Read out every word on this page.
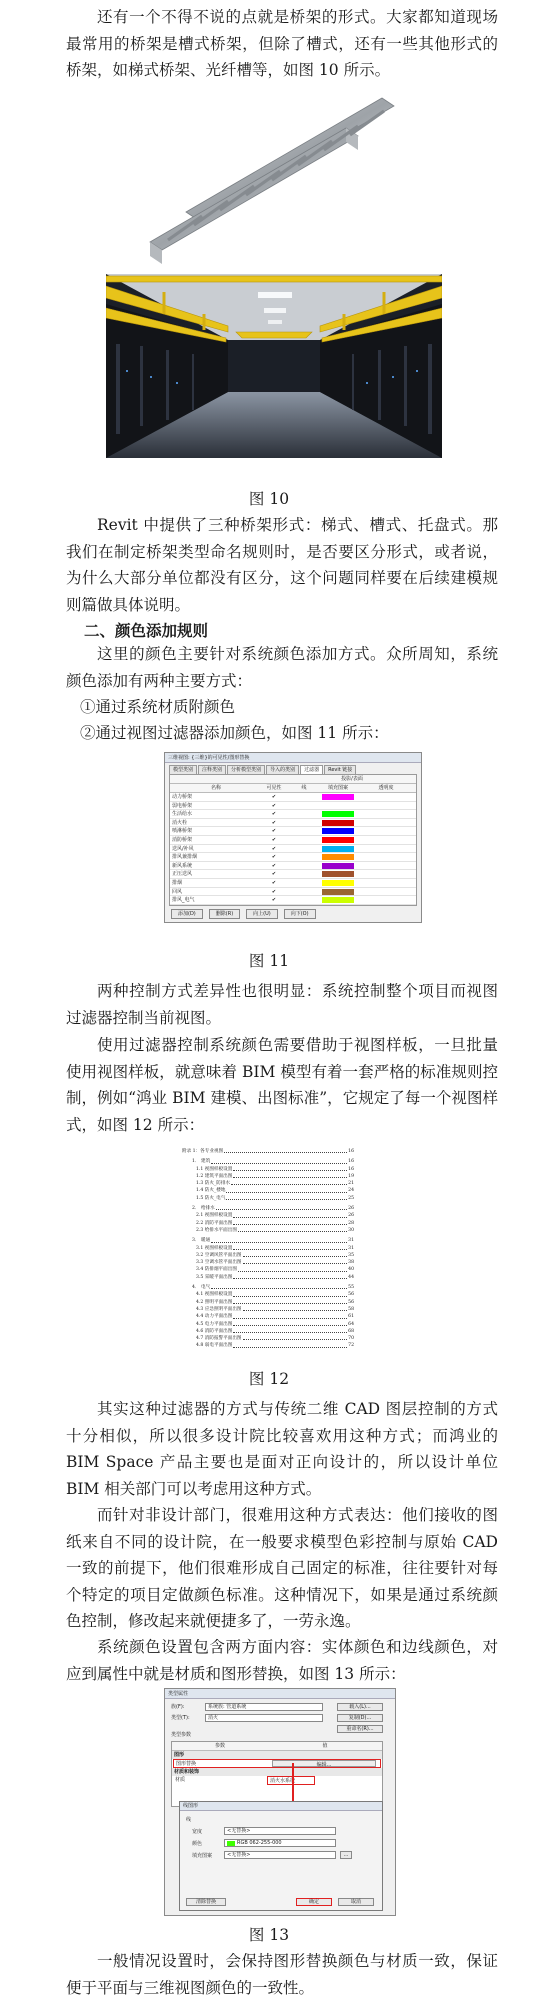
还有一个不得不说的点就是桥架的形式。大家都知道现场最常用的桥架是槽式桥架，但除了槽式，还有一些其他形式的桥架，如梯式桥架、光纤槽等，如图 10 所示。

图 10

Revit 中提供了三种桥架形式：梯式、槽式、托盘式。那我们在制定桥架类型命名规则时，是否要区分形式，或者说，为什么大部分单位都没有区分，这个问题同样要在后续建模规则篇做具体说明。

二、颜色添加规则

这里的颜色主要针对系统颜色添加方式。众所周知，系统颜色添加有两种主要方式：

①通过系统材质附颜色

②通过视图过滤器添加颜色，如图 11 所示：

三维视图: {三维}的可见性/图形替换
模型类别	注释类别	分析模型类别	导入的类别	过滤器	Revit 链接
投影/表面
名称	可见性	线	填充图案	透明度
动力桥架	✔
弱电桥架	✔
生活给水	✔
消火栓	✔
喷淋桥架	✔
消防桥架	✔
送风/补风	✔
排风兼排烟	✔
新风系统	✔
正压送风	✔
排烟	✔
回风	✔
排风_电气	✔
添加(D)	删除(R)	向上(U)	向下(O)

图 11

两种控制方式差异性也很明显：系统控制整个项目而视图过滤器控制当前视图。

使用过滤器控制系统颜色需要借助于视图样板，一旦批量使用视图样板，就意味着 BIM 模型有着一套严格的标准规则控制，例如“鸿业 BIM 建模、出图标准”，它规定了每一个视图样式，如图 12 所示：

附录 1：各专业视图	16
1． 建筑	16
1.1 视图样板设置	16
1.2 建筑平面出图	19
1.3 防火_防排水	21
1.4 防火_楼地	24
1.5 防火_电气	25
2． 给排水	26
2.1 视图样板设置	26
2.2 消防平面出图	28
2.3 给排水平面出图	30
3． 暖通	31
3.1 视图样板设置	31
3.2 空调风管平面出图	35
3.3 空调水管平面出图	38
3.4 防排烟平面出图	40
3.5 采暖平面出图	44
4． 电气	55
4.1 视图样板设置	56
4.2 照明平面出图	56
4.3 应急照明平面出图	58
4.4 动力平面出图	61
4.5 电力平面出图	64
4.6 消防平面出图	68
4.7 消防报警平面出图	70
4.8 弱电平面出图	72

图 12

其实这种过滤器的方式与传统二维 CAD 图层控制的方式十分相似，所以很多设计院比较喜欢用这种方式；而鸿业的 BIM Space 产品主要也是面对正向设计的，所以设计单位 BIM 相关部门可以考虑用这种方式。

而针对非设计部门，很难用这种方式表达：他们接收的图纸来自不同的设计院，在一般要求模型色彩控制与原始 CAD 一致的前提下，他们很难形成自己固定的标准，往往要针对每个特定的项目定做颜色标准。这种情况下，如果是通过系统颜色控制，修改起来就便捷多了，一劳永逸。

系统颜色设置包含两方面内容：实体颜色和边线颜色，对应到属性中就是材质和图形替换，如图 13 所示：

类型属性
族(F):	系统族: 管道系统	载入(L)...
类型(T):	消火	复制(D)...
重命名(R)...
类型参数
参数	值
图形
图形替换	编辑...
材质和装饰
材质	消火水系统
线图形
线
宽度	<无替换>
颜色	RGB 062-255-000
填充图案	<无替换>	…
清除替换	确定	取消

图 13

一般情况设置时，会保持图形替换颜色与材质一致，保证便于平面与三维视图颜色的一致性。
